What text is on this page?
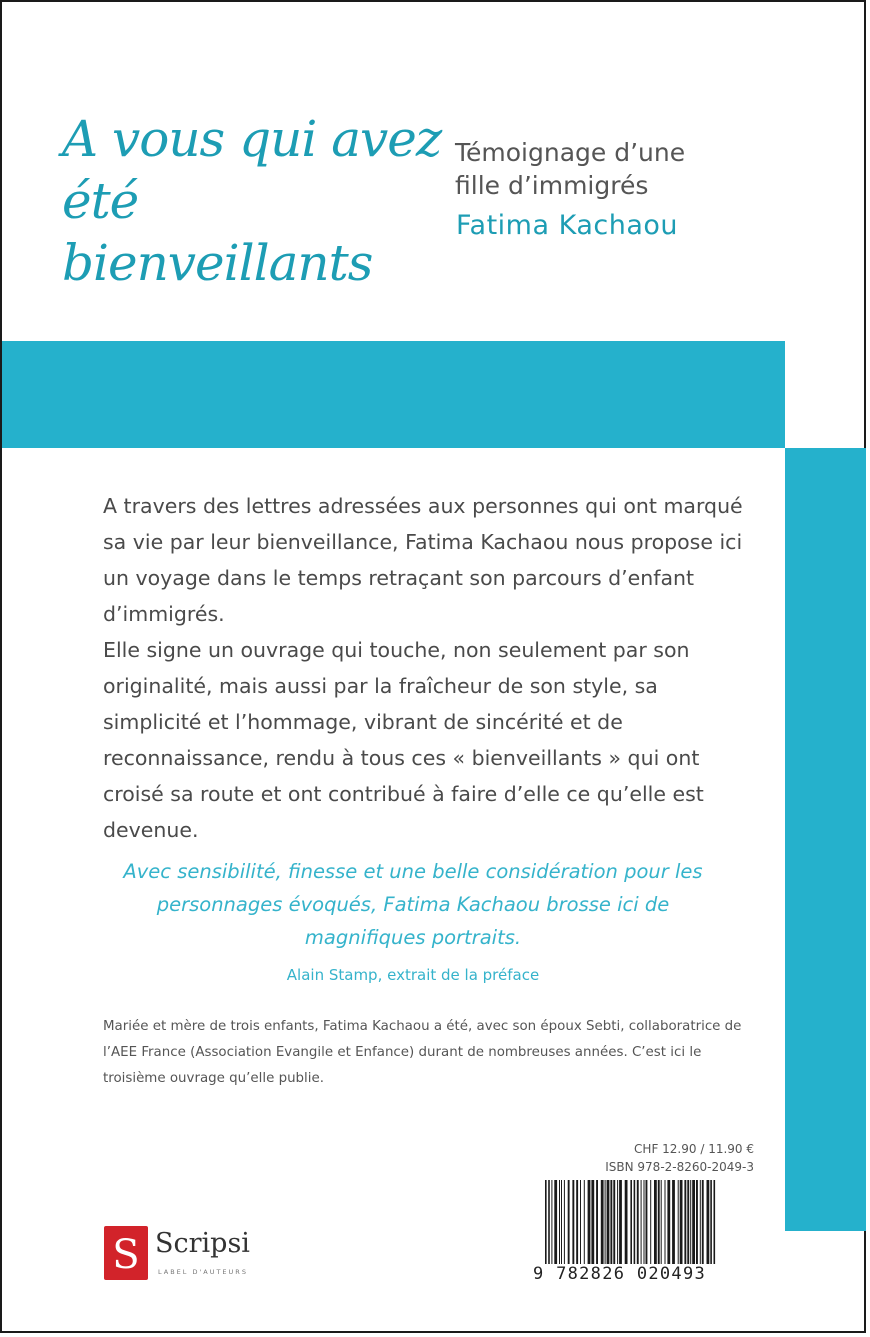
A vous qui avez
été bienveillants
Témoignage d’une
fille d’immigrés
Fatima Kachaou

A travers des lettres adressées aux personnes qui ont marqué sa vie par leur bienveillance, Fatima Kachaou nous propose ici un voyage dans le temps retraçant son parcours d’enfant d’immigrés.

Elle signe un ouvrage qui touche, non seulement par son originalité, mais aussi par la fraîcheur de son style, sa simplicité et l’hommage, vibrant de sincérité et de reconnaissance, rendu à tous ces « bienveillants » qui ont croisé sa route et ont contribué à faire d’elle ce qu’elle est devenue.

Avec sensibilité, finesse et une belle considération pour les personnages évoqués, Fatima Kachaou brosse ici de magnifiques portraits.
Alain Stamp, extrait de la préface
Mariée et mère de trois enfants, Fatima Kachaou a été, avec son époux Sebti, collaboratrice de l’AEE France (Association Evangile et Enfance) durant de nombreuses années. C’est ici le troisième ouvrage qu’elle publie.
CHF 12.90 / 11.90 €
ISBN 978-2-8260-2049-3
9 782826 020493
S Scripsi
LABEL D'AUTEURS
